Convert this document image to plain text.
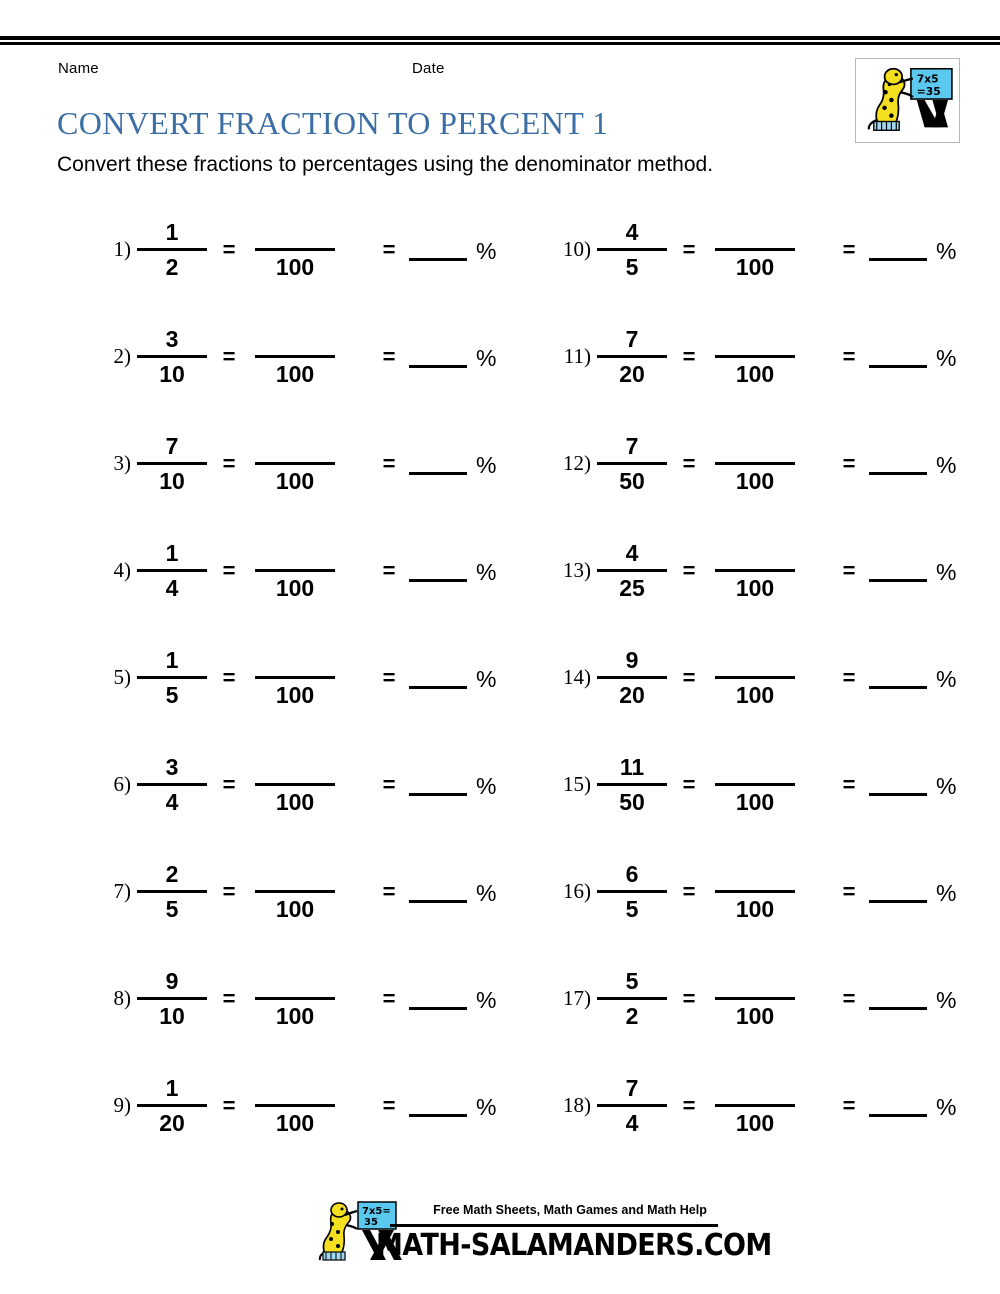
Name	Date
CONVERT FRACTION TO PERCENT 1
Convert these fractions to percentages using the denominator method.
7x5
=35
$1) \frac{1}{2}$ =

100
=	%
$2) \frac{3}{10}$ =

100
=	%
$3) \frac{7}{10}$ =

100
=	%
$4) \frac{1}{4}$ =

100
=	%
$5) \frac{1}{5}$ =

100
=	%
$6) \frac{3}{4}$ =

100
=	%
$7) \frac{2}{5}$ =

100
=	%
$8) \frac{9}{10}$ =

100
=	%
$9) \frac{1}{20}$ =

100
=	%
$10) \frac{4}{5}$ =

100
=	%
$11) \frac{7}{20}$ =

100
=	%
$12) \frac{7}{50}$ =

100
=	%
$13) \frac{4}{25}$ =

100
=	%
$14) \frac{9}{20}$ =

100
=	%
$15) \frac{11}{50}$ =

100
=	%
$16) \frac{6}{5}$ =

100
=	%
$17) \frac{5}{2}$ =

100
=	%
$18) \frac{7}{4}$ =

100
=	%
7x5=
35
Free Math Sheets, Math Games and Math Help
MATH-SALAMANDERS.COM
